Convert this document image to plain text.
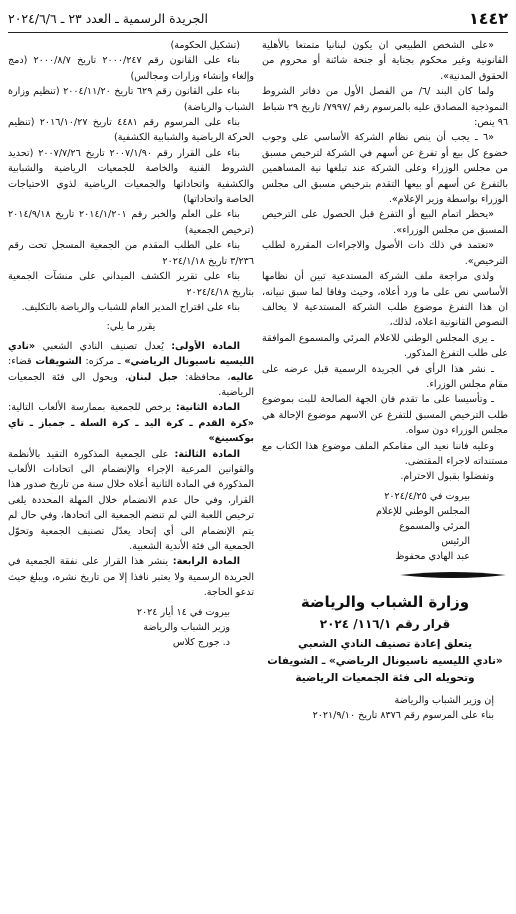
١٤٤٢
الجريدة الرسمية ـ العدد ٢٣ ـ ٢٠٢٤/٦/٦

«على الشخص الطبيعي ان يكون لبنانيا متمتعا بالأهلية القانونية وغير محكوم بجناية أو جنحة شائنة أو محروم من الحقوق المدنية».

ولما كان البند /٦/ من الفصل الأول من دفاتر الشروط النموذجية المصادق عليه بالمرسوم رقم /٧٩٩٧/ تاريخ ٢٩ شباط ٩٦ ينص:

«٦ ـ يجب أن ينص نظام الشركة الأساسي على وجوب خضوع كل بيع أو تفرغ عن أسهم في الشركة لترخيص مسبق من مجلس الوزراء وعلى الشركة عند تبلغها نية المساهمين بالتفرغ عن أسهم أو بيعها التقدم بترخيص مسبق الى مجلس الوزراء بواسطة وزير الإعلام».

«يحظر اتمام البيع أو التفرغ قبل الحصول على الترخيص المسبق من مجلس الوزراء».

«تعتمد في ذلك ذات الأصول والاجراءات المقررة لطلب الترخيص».

ولدى مراجعة ملف الشركة المستدعية تبين أن نظامها الأساسي نص على ما ورد أعلاه، وحيث وفاقا لما سبق تبيانه، ان هذا التفرغ موضوع طلب الشركة المستدعية لا يخالف النصوص القانونية اعلاه، لذلك،

ـ يرى المجلس الوطني للاعلام المرئي والمسموع الموافقة على طلب التفرغ المذكور.

ـ نشر هذا الرأي في الجريدة الرسمية قبل عرضه على مقام مجلس الوزراء.

ـ وتأسيسا على ما تقدم فان الجهة الصالحة للبت بموضوع طلب الترخيص المسبق للتفرغ عن الاسهم موضوع الإحالة هي مجلس الوزراء دون سواه.

وعليه فاننا نعيد الى مقامكم الملف موضوع هذا الكتاب مع مستنداته لاجراء المقتضى.

وتفضلوا بقبول الاحترام.

بيروت في ٢٠٢٤/٤/٢٥
المجلس الوطني للإعلام
المرئي والمسموع
الرئيس
عبد الهادي محفوظ
وزارة الشباب والرياضة
قرار رقم ١١٦/١/ ٢٠٢٤
يتعلق إعادة تصنيف النادي الشعبي
«نادي الليسيه ناسيونال الرياضي» ـ الشويفات
وتحويله الى فئة الجمعيات الرياضية

إن وزير الشباب والرياضة

بناء على المرسوم رقم ٨٣٧٦ تاريخ ٢٠٢١/٩/١٠

(تشكيل الحكومة)

بناء على القانون رقم ٢٠٠٠/٢٤٧ تاريخ ٢٠٠٠/٨/٧ (دمج وإلغاء وإنشاء وزارات ومجالس)

بناء على القانون رقم ٦٢٩ تاريخ ٢٠٠٤/١١/٢٠ (تنظيم وزارة الشباب والرياضة)

بناء على المرسوم رقم ٤٤٨١ تاريخ ٢٠١٦/١٠/٢٧ (تنظيم الحركة الرياضية والشبابية الكشفية)

بناء على القرار رقم ٢٠٠٧/١/٩٠ تاريخ ٢٠٠٧/٧/٢٦ (تحديد الشروط الفنية والخاصة للجمعيات الرياضية والشبابية والكشفية واتحاداتها والجمعيات الرياضية لذوي الاحتياجات الخاصة واتحاداتها)

بناء على العلم والخبر رقم ٢٠١٤/١/٢٠١ تاريخ ٢٠١٤/٩/١٨ (ترخيص الجمعية)

بناء على الطلب المقدم من الجمعية المسجل تحت رقم ٣/٢٣٦ تاريخ ٢٠٢٤/١/١٨

بناء على تقرير الكشف الميداني على منشآت الجمعية بتاريخ ٢٠٢٤/٤/١٨

بناء على اقتراح المدير العام للشباب والرياضة بالتكليف.

يقرر ما يلي:

المادة الأولى: يُعدل تصنيف النادي الشعبي «نادي الليسيه ناسيونال الرياضي» ـ مركزه: الشويفات قضاء: عاليه، محافظة: جبل لبنان، ويحول الى فئة الجمعيات الرياضية.

المادة الثانية: يرخص للجمعية بممارسة الألعاب التالية: «كرة القدم ـ كرة اليد ـ كرة السلة ـ جمباز ـ تاي بوكسينغ»

المادة الثالثة: على الجمعية المذكورة التقيد بالأنظمة والقوانين المرعية الإجراء والإنضمام الى اتحادات الألعاب المذكورة في المادة الثانية أعلاه خلال سنة من تاريخ صدور هذا القرار، وفي حال عدم الانضمام خلال المهلة المحددة يلغى ترخيص اللعبة التي لم تنضم الجمعية الى اتحادها، وفي حال لم يتم الإنضمام الى أي إتحاد يعدّل تصنيف الجمعية وتحوّل الجمعية الى فئة الأندية الشعبية.

المادة الرابعة: ينشر هذا القرار على نفقة الجمعية في الجريدة الرسمية ولا يعتبر نافذا إلا من تاريخ نشره، ويبلغ حيث تدعو الحاجة.

بيروت في ١٤ أيار ٢٠٢٤
وزير الشباب والرياضة
د. جورج كلاس
